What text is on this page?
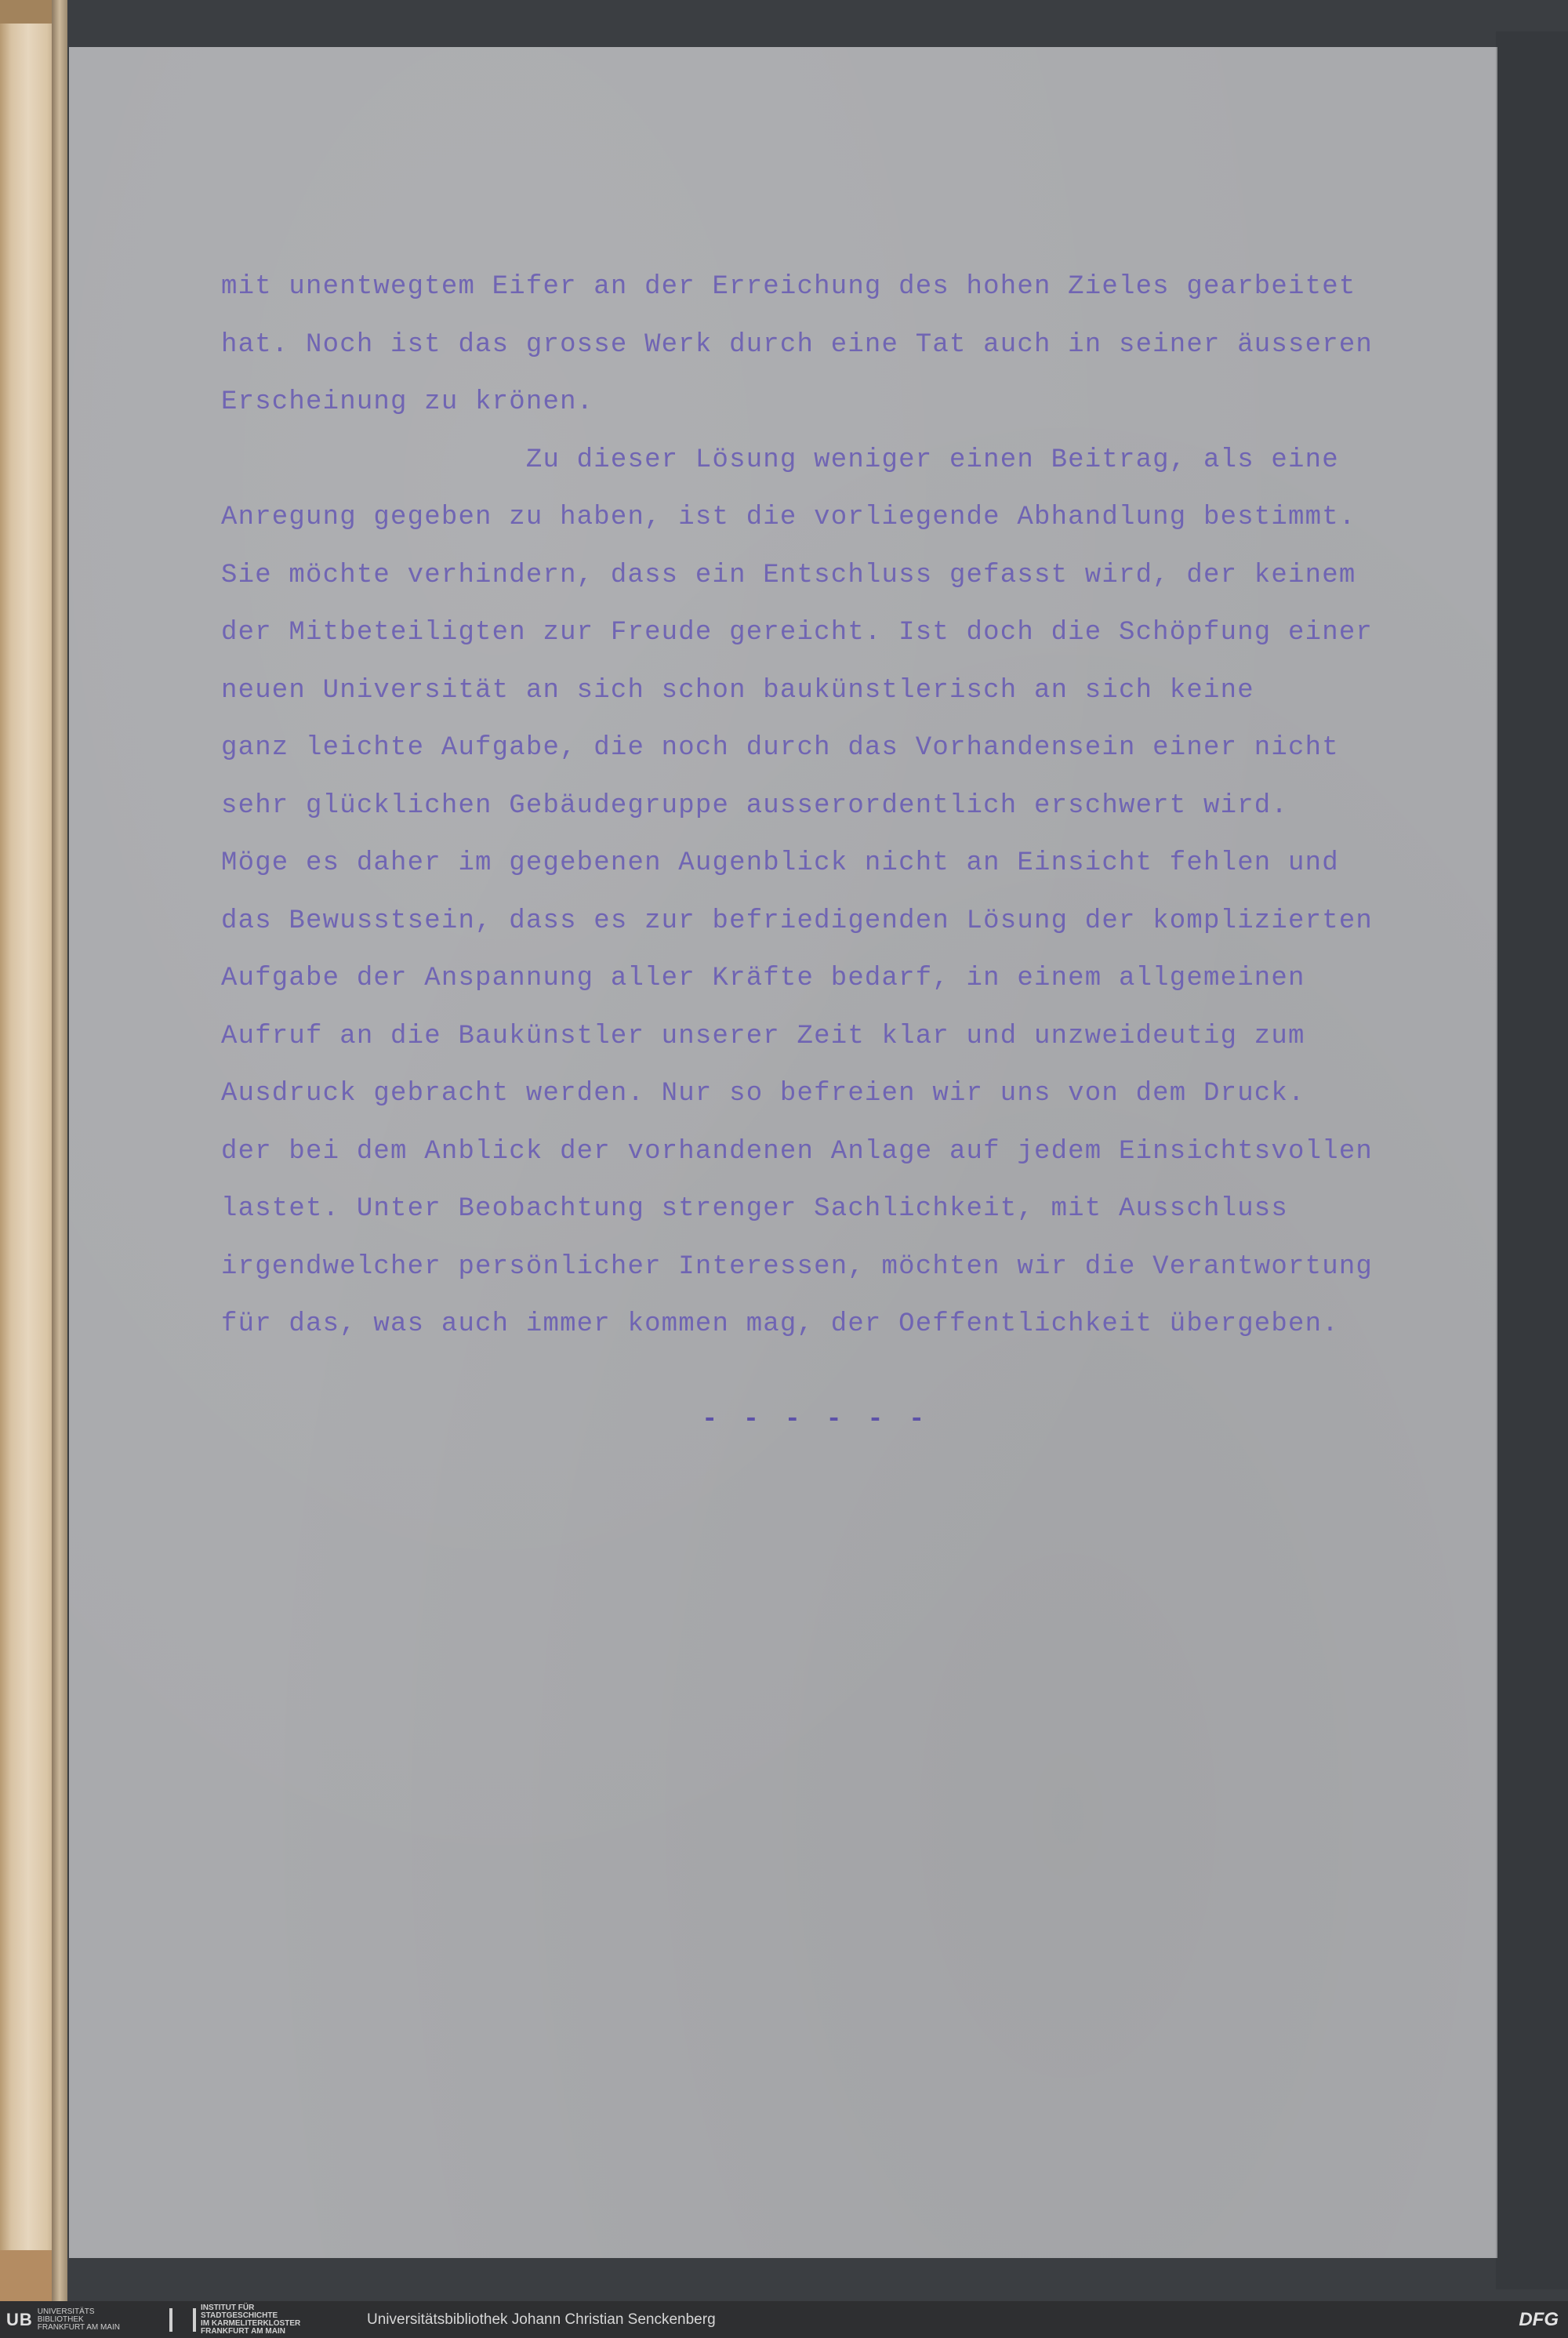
mit unentwegtem Eifer an der Erreichung des hohen Zieles gearbeitet
hat. Noch ist das grosse Werk durch eine Tat auch in seiner äusseren
Erscheinung zu krönen.
Zu dieser Lösung weniger einen Beitrag, als eine
Anregung gegeben zu haben, ist die vorliegende Abhandlung bestimmt.
Sie möchte verhindern, dass ein Entschluss gefasst wird, der keinem
der Mitbeteiligten zur Freude gereicht. Ist doch die Schöpfung einer
neuen Universität an sich schon baukünstlerisch an sich keine
ganz leichte Aufgabe, die noch durch das Vorhandensein einer nicht
sehr glücklichen Gebäudegruppe ausserordentlich erschwert wird.
Möge es daher im gegebenen Augenblick nicht an Einsicht fehlen und
das Bewusstsein, dass es zur befriedigenden Lösung der komplizierten
Aufgabe der Anspannung aller Kräfte bedarf, in einem allgemeinen
Aufruf an die Baukünstler unserer Zeit klar und unzweideutig zum
Ausdruck gebracht werden. Nur so befreien wir uns von dem Druck.
der bei dem Anblick der vorhandenen Anlage auf jedem Einsichtsvollen
lastet. Unter Beobachtung strenger Sachlichkeit, mit Ausschluss
irgendwelcher persönlicher Interessen, möchten wir die Verantwortung
für das, was auch immer kommen mag, der Oeffentlichkeit übergeben.
- - - - - -
UB UNIVERSITÄTS
BIBLIOTHEK
FRANKFURT AM MAIN
INSTITUT FÜR
STADTGESCHICHTE
IM KARMELITERKLOSTER
FRANKFURT AM MAIN
Universitätsbibliothek Johann Christian Senckenberg	DFG
